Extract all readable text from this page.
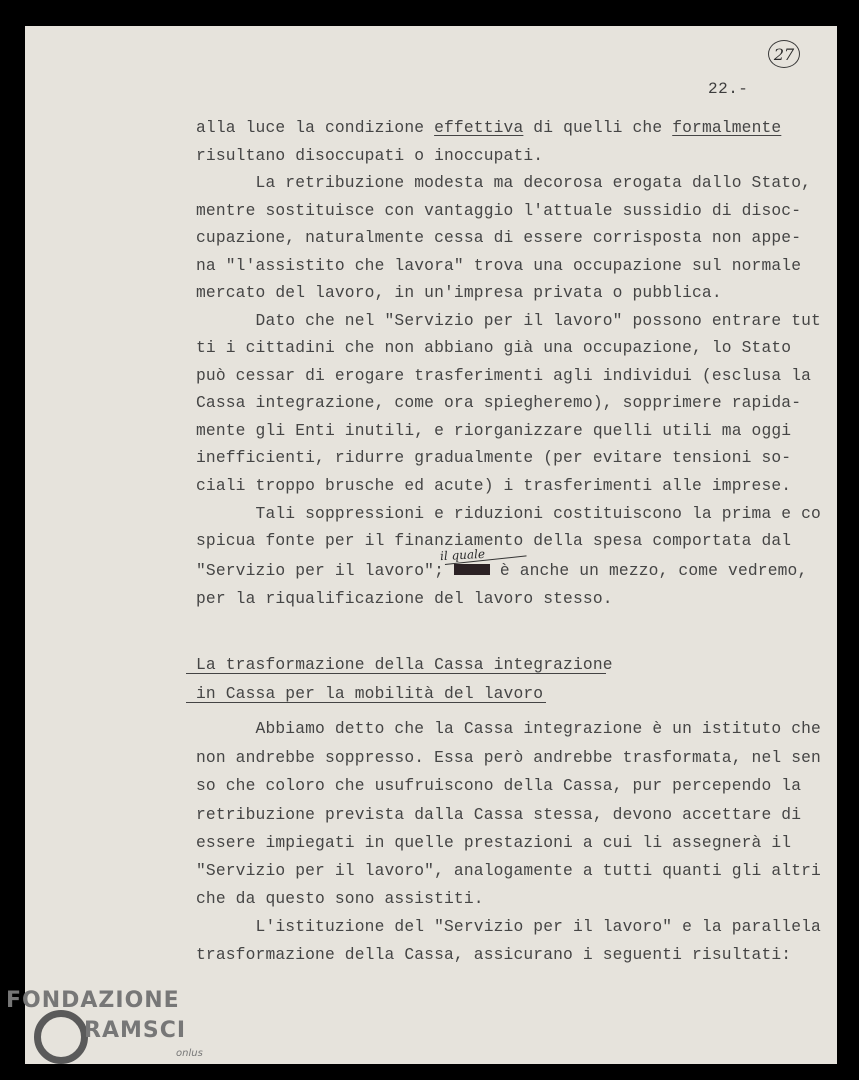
27
22.-
alla luce la condizione effettiva di quelli che formalmente
risultano disoccupati o inoccupati.
La retribuzione modesta ma decorosa erogata dallo Stato,
mentre sostituisce con vantaggio l'attuale sussidio di disoc-
cupazione, naturalmente cessa di essere corrisposta non appe-
na "l'assistito che lavora" trova una occupazione sul normale
mercato del lavoro, in un'impresa privata o pubblica.
Dato che nel "Servizio per il lavoro" possono entrare tut
ti i cittadini che non abbiano già una occupazione, lo Stato
può cessar di erogare trasferimenti agli individui (esclusa la
Cassa integrazione, come ora spiegheremo), sopprimere rapida-
mente gli Enti inutili, e riorganizzare quelli utili ma oggi
inefficienti, ridurre gradualmente (per evitare tensioni so-
ciali troppo brusche ed acute) i trasferimenti alle imprese.
Tali soppressioni e riduzioni costituiscono la prima e co
spicua fonte per il finanziamento della spesa comportata dal
il quale
"Servizio per il lavoro";  è anche un mezzo, come vedremo,
per la riqualificazione del lavoro stesso.
La trasformazione della Cassa integrazione
in Cassa per la mobilità del lavoro
Abbiamo detto che la Cassa integrazione è un istituto che
non andrebbe soppresso. Essa però andrebbe trasformata, nel sen
so che coloro che usufruiscono della Cassa, pur percependo la
retribuzione prevista dalla Cassa stessa, devono accettare di
essere impiegati in quelle prestazioni a cui li assegnerà il
"Servizio per il lavoro", analogamente a tutti quanti gli altri
che da questo sono assistiti.
L'istituzione del "Servizio per il lavoro" e la parallela
trasformazione della Cassa, assicurano i seguenti risultati:
FONDAZIONE
RAMSCI
onlus
